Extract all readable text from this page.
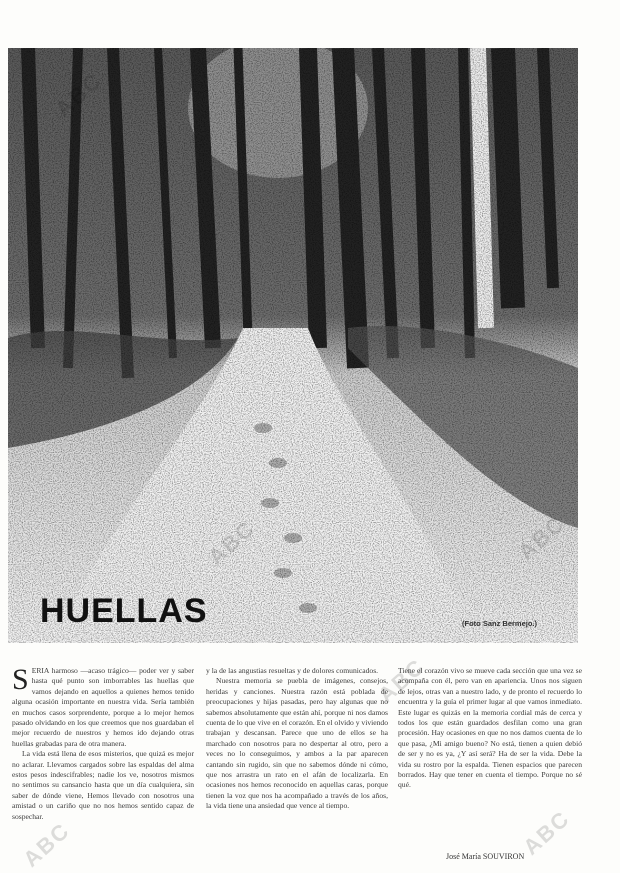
HUELLAS	(Foto Sanz Bermejo.)

SERIA harmoso —acaso trágico— poder ver y saber hasta qué punto son imborrables las huellas que vamos dejando en aquellos a quienes hemos tenido alguna ocasión importante en nuestra vida. Sería también en muchos casos sorprendente, porque a lo mejor hemos pasado olvidando en los que creemos que nos guardaban el mejor recuerdo de nuestros y hemos ido dejando otras huellas grabadas para de otra manera.

La vida está llena de esos misterios, que quizá es mejor no aclarar. Llevamos cargados sobre las espaldas del alma estos pesos indescifrables; nadie los ve, nosotros mismos no sentimos su cansancio hasta que un día cualquiera, sin saber de dónde viene, Hemos llevado con nosotros una amistad o un cariño que no nos hemos sentido capaz de sospechar.

y la de las angustias resueltas y de dolores comunicados.

Nuestra memoria se puebla de imágenes, consejos, heridas y canciones. Nuestra razón está poblada de preocupaciones y hijas pasadas, pero hay algunas que no sabemos absolutamente que están ahí, porque ni nos damos cuenta de lo que vive en el corazón. En el olvido y viviendo trabajan y descansan. Parece que uno de ellos se ha marchado con nosotros para no despertar al otro, pero a veces no lo conseguimos, y ambos a la par aparecen cantando sin rugido, sin que no sabemos dónde ni cómo, que nos arrastra un rato en el afán de localizarla. En ocasiones nos hemos reconocido en aquellas caras, porque tienen la voz que nos ha acompañado a través de los años, la vida tiene una ansiedad que vence al tiempo.

Tiene el corazón vivo se mueve cada sección que una vez se acompaña con él, pero van en apariencia. Unos nos siguen de lejos, otras van a nuestro lado, y de pronto el recuerdo lo encuentra y la guía el primer lugar al que vamos inmediato. Este lugar es quizás en la memoria cordial más de cerca y todos los que están guardados desfilan como una gran procesión. Hay ocasiones en que no nos damos cuenta de lo que pasa, ¿Mi amigo bueno? No está, tienen a quien debió de ser y no es ya, ¿Y así será? Ha de ser la vida. Debe la vida su rostro por la espalda. Tienen espacios que parecen borrados. Hay que tener en cuenta el tiempo. Porque no sé qué.

José María SOUVIRON
ABC
ABC	ABC
